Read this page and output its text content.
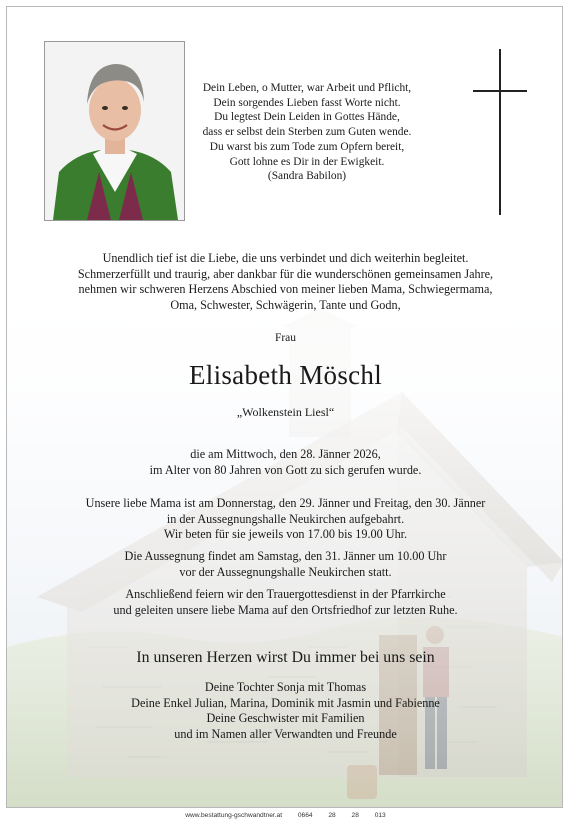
Dein Leben, o Mutter, war Arbeit und Pflicht,
Dein sorgendes Lieben fasst Worte nicht.
Du legtest Dein Leiden in Gottes Hände,
dass er selbst dein Sterben zum Guten wende.
Du warst bis zum Tode zum Opfern bereit,
Gott lohne es Dir in der Ewigkeit.
(Sandra Babilon)
Unendlich tief ist die Liebe, die uns verbindet und dich weiterhin begleitet.
Schmerzerfüllt und traurig, aber dankbar für die wunderschönen gemeinsamen Jahre,
nehmen wir schweren Herzens Abschied von meiner lieben Mama, Schwiegermama,
Oma, Schwester, Schwägerin, Tante und Godn,
Frau
Elisabeth Möschl
„Wolkenstein Liesl“
die am Mittwoch, den 28. Jänner 2026,
im Alter von 80 Jahren von Gott zu sich gerufen wurde.
Unsere liebe Mama ist am Donnerstag, den 29. Jänner und Freitag, den 30. Jänner
in der Aussegnungshalle Neukirchen aufgebahrt.
Wir beten für sie jeweils von 17.00 bis 19.00 Uhr.
Die Aussegnung findet am Samstag, den 31. Jänner um 10.00 Uhr
vor der Aussegnungshalle Neukirchen statt.
Anschließend feiern wir den Trauergottesdienst in der Pfarrkirche
und geleiten unsere liebe Mama auf den Ortsfriedhof zur letzten Ruhe.
In unseren Herzen wirst Du immer bei uns sein
Deine Tochter Sonja mit Thomas
Deine Enkel Julian, Marina, Dominik mit Jasmin und Fabienne
Deine Geschwister mit Familien
und im Namen aller Verwandten und Freunde
www.bestattung-gschwandtner.at 0664 28 28 013
